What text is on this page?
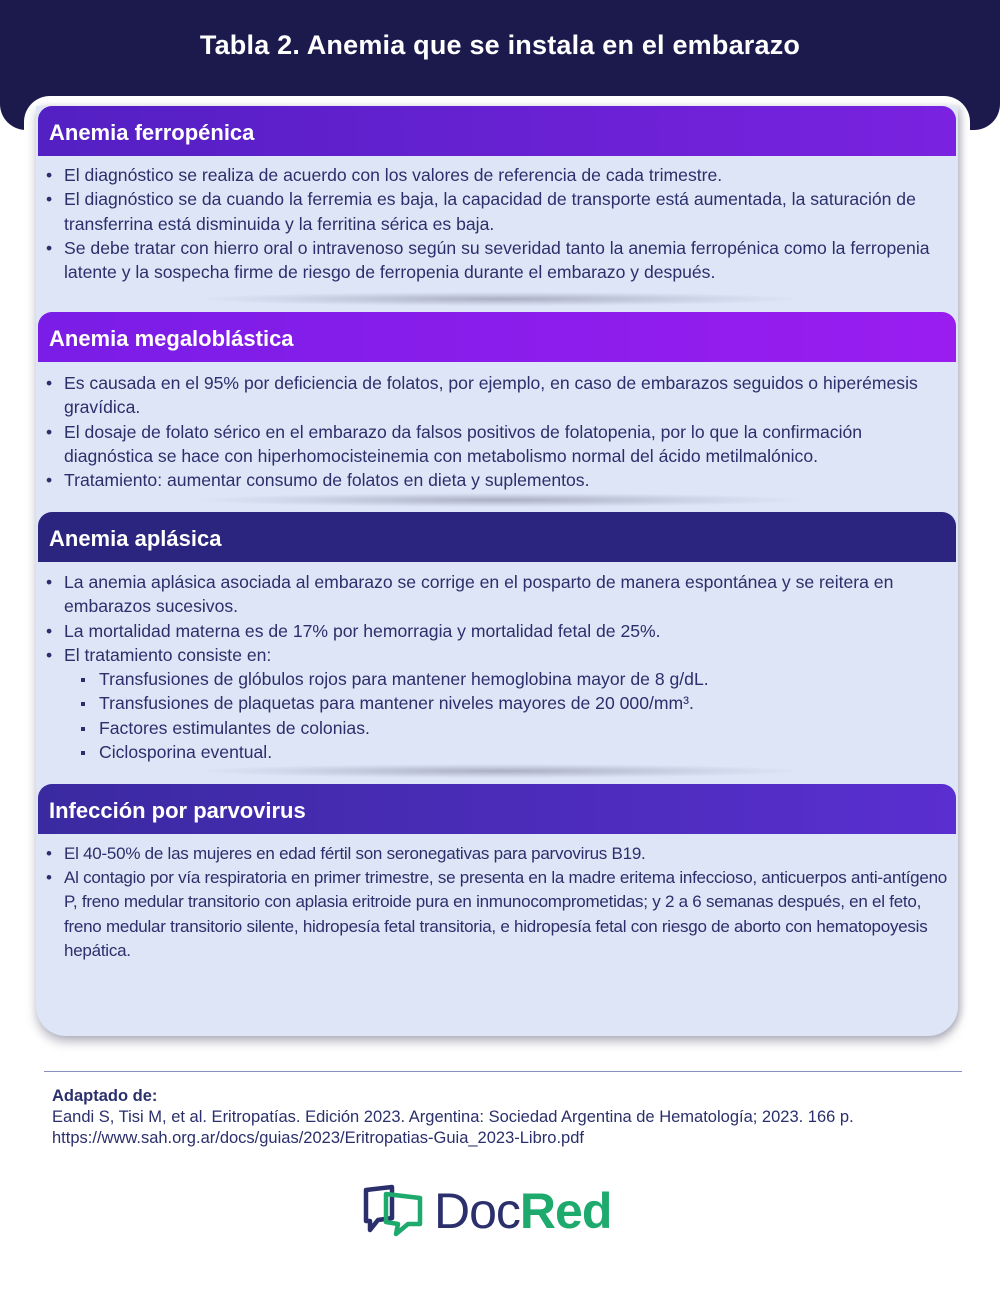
Tabla 2. Anemia que se instala en el embarazo
Anemia ferropénica
• El diagnóstico se realiza de acuerdo con los valores de referencia de cada trimestre.
• El diagnóstico se da cuando la ferremia es baja, la capacidad de transporte está aumentada, la saturación de transferrina está disminuida y la ferritina sérica es baja.
• Se debe tratar con hierro oral o intravenoso según su severidad tanto la anemia ferropénica como la ferropenia latente y la sospecha firme de riesgo de ferropenia durante el embarazo y después.
Anemia megaloblástica
• Es causada en el 95% por deficiencia de folatos, por ejemplo, en caso de embarazos seguidos o hiperémesis gravídica.
• El dosaje de folato sérico en el embarazo da falsos positivos de folatopenia, por lo que la confirmación diagnóstica se hace con hiperhomocisteinemia con metabolismo normal del ácido metilmalónico.
• Tratamiento: aumentar consumo de folatos en dieta y suplementos.
Anemia aplásica
• La anemia aplásica asociada al embarazo se corrige en el posparto de manera espontánea y se reitera en embarazos sucesivos.
• La mortalidad materna es de 17% por hemorragia y mortalidad fetal de 25%.
• El tratamiento consiste en:
Transfusiones de glóbulos rojos para mantener hemoglobina mayor de 8 g/dL.
Transfusiones de plaquetas para mantener niveles mayores de 20 000/mm³.
Factores estimulantes de colonias.
Ciclosporina eventual.
Infección por parvovirus
• El 40-50% de las mujeres en edad fértil son seronegativas para parvovirus B19.
• Al contagio por vía respiratoria en primer trimestre, se presenta en la madre eritema infeccioso, anticuerpos anti-antígeno P, freno medular transitorio con aplasia eritroide pura en inmunocomprometidas; y 2 a 6 semanas después, en el feto, freno medular transitorio silente, hidropesía fetal transitoria, e hidropesía fetal con riesgo de aborto con hematopoyesis hepática.
Adaptado de:
Eandi S, Tisi M, et al. Eritropatías. Edición 2023. Argentina: Sociedad Argentina de Hematología; 2023. 166 p.
https://www.sah.org.ar/docs/guias/2023/Eritropatias-Guia_2023-Libro.pdf
DocRed
